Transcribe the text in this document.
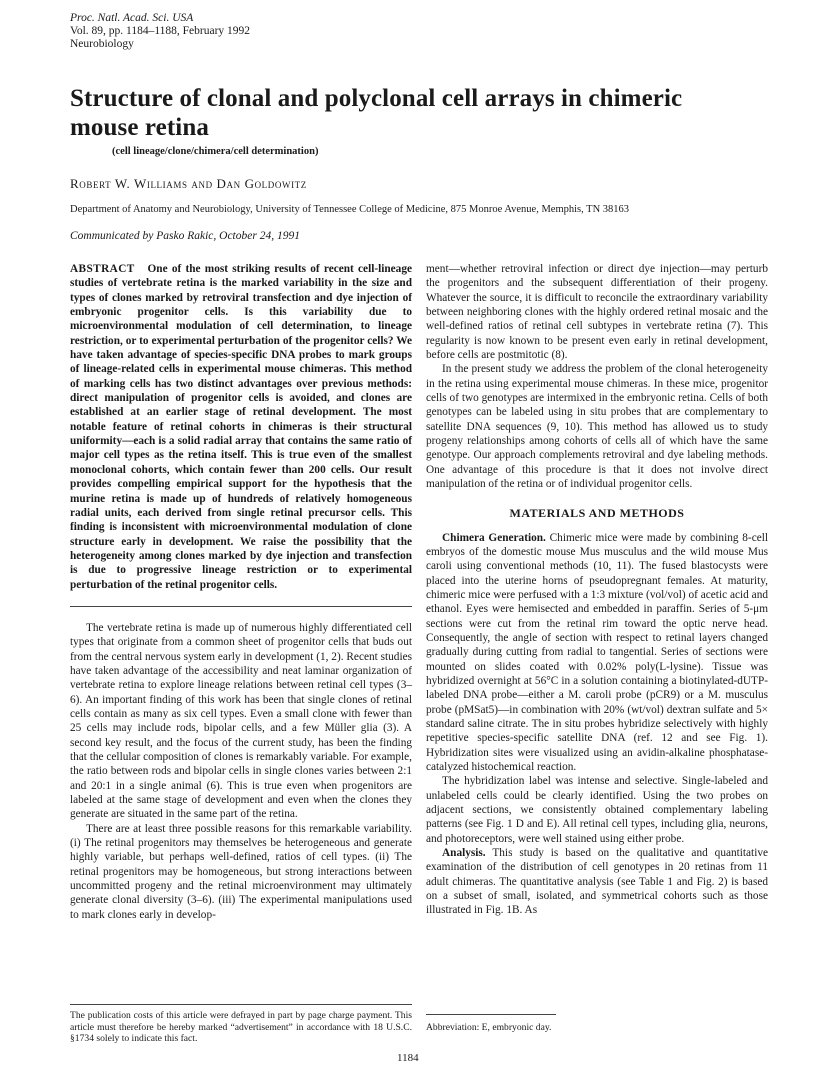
Proc. Natl. Acad. Sci. USA
Vol. 89, pp. 1184–1188, February 1992
Neurobiology
Structure of clonal and polyclonal cell arrays in chimeric mouse retina
(cell lineage/clone/chimera/cell determination)
Robert W. Williams and Dan Goldowitz
Department of Anatomy and Neurobiology, University of Tennessee College of Medicine, 875 Monroe Avenue, Memphis, TN 38163
Communicated by Pasko Rakic, October 24, 1991

ABSTRACT One of the most striking results of recent cell-lineage studies of vertebrate retina is the marked variability in the size and types of clones marked by retroviral transfection and dye injection of embryonic progenitor cells. Is this variability due to microenvironmental modulation of cell determination, to lineage restriction, or to experimental perturbation of the progenitor cells? We have taken advantage of species-specific DNA probes to mark groups of lineage-related cells in experimental mouse chimeras. This method of marking cells has two distinct advantages over previous methods: direct manipulation of progenitor cells is avoided, and clones are established at an earlier stage of retinal development. The most notable feature of retinal cohorts in chimeras is their structural uniformity—each is a solid radial array that contains the same ratio of major cell types as the retina itself. This is true even of the smallest monoclonal cohorts, which contain fewer than 200 cells. Our result provides compelling empirical support for the hypothesis that the murine retina is made up of hundreds of relatively homogeneous radial units, each derived from single retinal precursor cells. This finding is inconsistent with microenvironmental modulation of clone structure early in development. We raise the possibility that the heterogeneity among clones marked by dye injection and transfection is due to progressive lineage restriction or to experimental perturbation of the retinal progenitor cells.

The vertebrate retina is made up of numerous highly differentiated cell types that originate from a common sheet of progenitor cells that buds out from the central nervous system early in development (1, 2). Recent studies have taken advantage of the accessibility and neat laminar organization of vertebrate retina to explore lineage relations between retinal cell types (3–6). An important finding of this work has been that single clones of retinal cells contain as many as six cell types. Even a small clone with fewer than 25 cells may include rods, bipolar cells, and a few Müller glia (3). A second key result, and the focus of the current study, has been the finding that the cellular composition of clones is remarkably variable. For example, the ratio between rods and bipolar cells in single clones varies between 2:1 and 20:1 in a single animal (6). This is true even when progenitors are labeled at the same stage of development and even when the clones they generate are situated in the same part of the retina.

There are at least three possible reasons for this remarkable variability. (i) The retinal progenitors may themselves be heterogeneous and generate highly variable, but perhaps well-defined, ratios of cell types. (ii) The retinal progenitors may be homogeneous, but strong interactions between uncommitted progeny and the retinal microenvironment may ultimately generate clonal diversity (3–6). (iii) The experimental manipulations used to mark clones early in develop-

The publication costs of this article were defrayed in part by page charge payment. This article must therefore be hereby marked “advertisement” in accordance with 18 U.S.C. §1734 solely to indicate this fact.

ment—whether retroviral infection or direct dye injection—may perturb the progenitors and the subsequent differentiation of their progeny. Whatever the source, it is difficult to reconcile the extraordinary variability between neighboring clones with the highly ordered retinal mosaic and the well-defined ratios of retinal cell subtypes in vertebrate retina (7). This regularity is now known to be present even early in retinal development, before cells are postmitotic (8).

In the present study we address the problem of the clonal heterogeneity in the retina using experimental mouse chimeras. In these mice, progenitor cells of two genotypes are intermixed in the embryonic retina. Cells of both genotypes can be labeled using in situ probes that are complementary to satellite DNA sequences (9, 10). This method has allowed us to study progeny relationships among cohorts of cells all of which have the same genotype. Our approach complements retroviral and dye labeling methods. One advantage of this procedure is that it does not involve direct manipulation of the retina or of individual progenitor cells.

MATERIALS AND METHODS

Chimera Generation. Chimeric mice were made by combining 8-cell embryos of the domestic mouse Mus musculus and the wild mouse Mus caroli using conventional methods (10, 11). The fused blastocysts were placed into the uterine horns of pseudopregnant females. At maturity, chimeric mice were perfused with a 1:3 mixture (vol/vol) of acetic acid and ethanol. Eyes were hemisected and embedded in paraffin. Series of 5-μm sections were cut from the retinal rim toward the optic nerve head. Consequently, the angle of section with respect to retinal layers changed gradually during cutting from radial to tangential. Series of sections were mounted on slides coated with 0.02% poly(L-lysine). Tissue was hybridized overnight at 56°C in a solution containing a biotinylated-dUTP-labeled DNA probe—either a M. caroli probe (pCR9) or a M. musculus probe (pMSat5)—in combination with 20% (wt/vol) dextran sulfate and 5× standard saline citrate. The in situ probes hybridize selectively with highly repetitive species-specific satellite DNA (ref. 12 and see Fig. 1). Hybridization sites were visualized using an avidin-alkaline phosphatase-catalyzed histochemical reaction.

The hybridization label was intense and selective. Single-labeled and unlabeled cells could be clearly identified. Using the two probes on adjacent sections, we consistently obtained complementary labeling patterns (see Fig. 1 D and E). All retinal cell types, including glia, neurons, and photoreceptors, were well stained using either probe.

Analysis. This study is based on the qualitative and quantitative examination of the distribution of cell genotypes in 20 retinas from 11 adult chimeras. The quantitative analysis (see Table 1 and Fig. 2) is based on a subset of small, isolated, and symmetrical cohorts such as those illustrated in Fig. 1B. As

Abbreviation: E, embryonic day.
1184
